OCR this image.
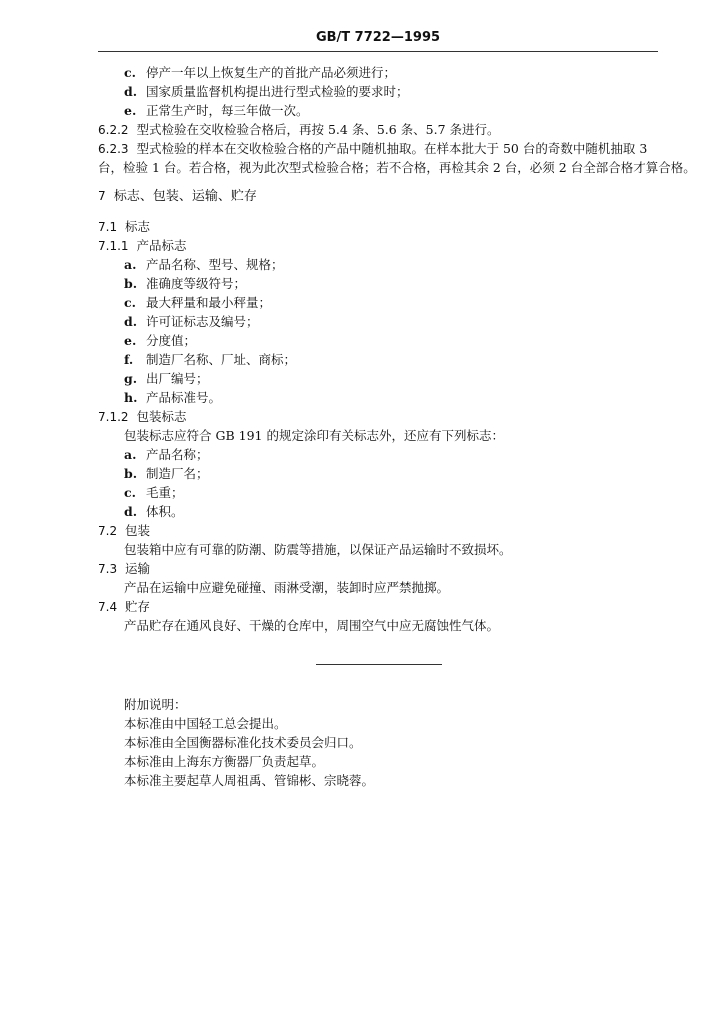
GB/T 7722—1995
c. 停产一年以上恢复生产的首批产品必须进行；
d. 国家质量监督机构提出进行型式检验的要求时；
e. 正常生产时，每三年做一次。
6.2.2 型式检验在交收检验合格后，再按 5.4 条、5.6 条、5.7 条进行。
6.2.3 型式检验的样本在交收检验合格的产品中随机抽取。在样本批大于 50 台的奇数中随机抽取 3
台，检验 1 台。若合格，视为此次型式检验合格；若不合格，再检其余 2 台，必须 2 台全部合格才算合格。
7 标志、包装、运输、贮存
7.1 标志
7.1.1 产品标志
a. 产品名称、型号、规格；
b. 准确度等级符号；
c. 最大秤量和最小秤量；
d. 许可证标志及编号；
e. 分度值；
f. 制造厂名称、厂址、商标；
g. 出厂编号；
h. 产品标准号。
7.1.2 包装标志
包装标志应符合 GB 191 的规定涂印有关标志外，还应有下列标志：
a. 产品名称；
b. 制造厂名；
c. 毛重；
d. 体积。
7.2 包装
包装箱中应有可靠的防潮、防震等措施，以保证产品运输时不致损坏。
7.3 运输
产品在运输中应避免碰撞、雨淋受潮，装卸时应严禁抛掷。
7.4 贮存
产品贮存在通风良好、干燥的仓库中，周围空气中应无腐蚀性气体。
附加说明：
本标准由中国轻工总会提出。
本标准由全国衡器标准化技术委员会归口。
本标准由上海东方衡器厂负责起草。
本标准主要起草人周祖禹、管锦彬、宗晓蓉。
